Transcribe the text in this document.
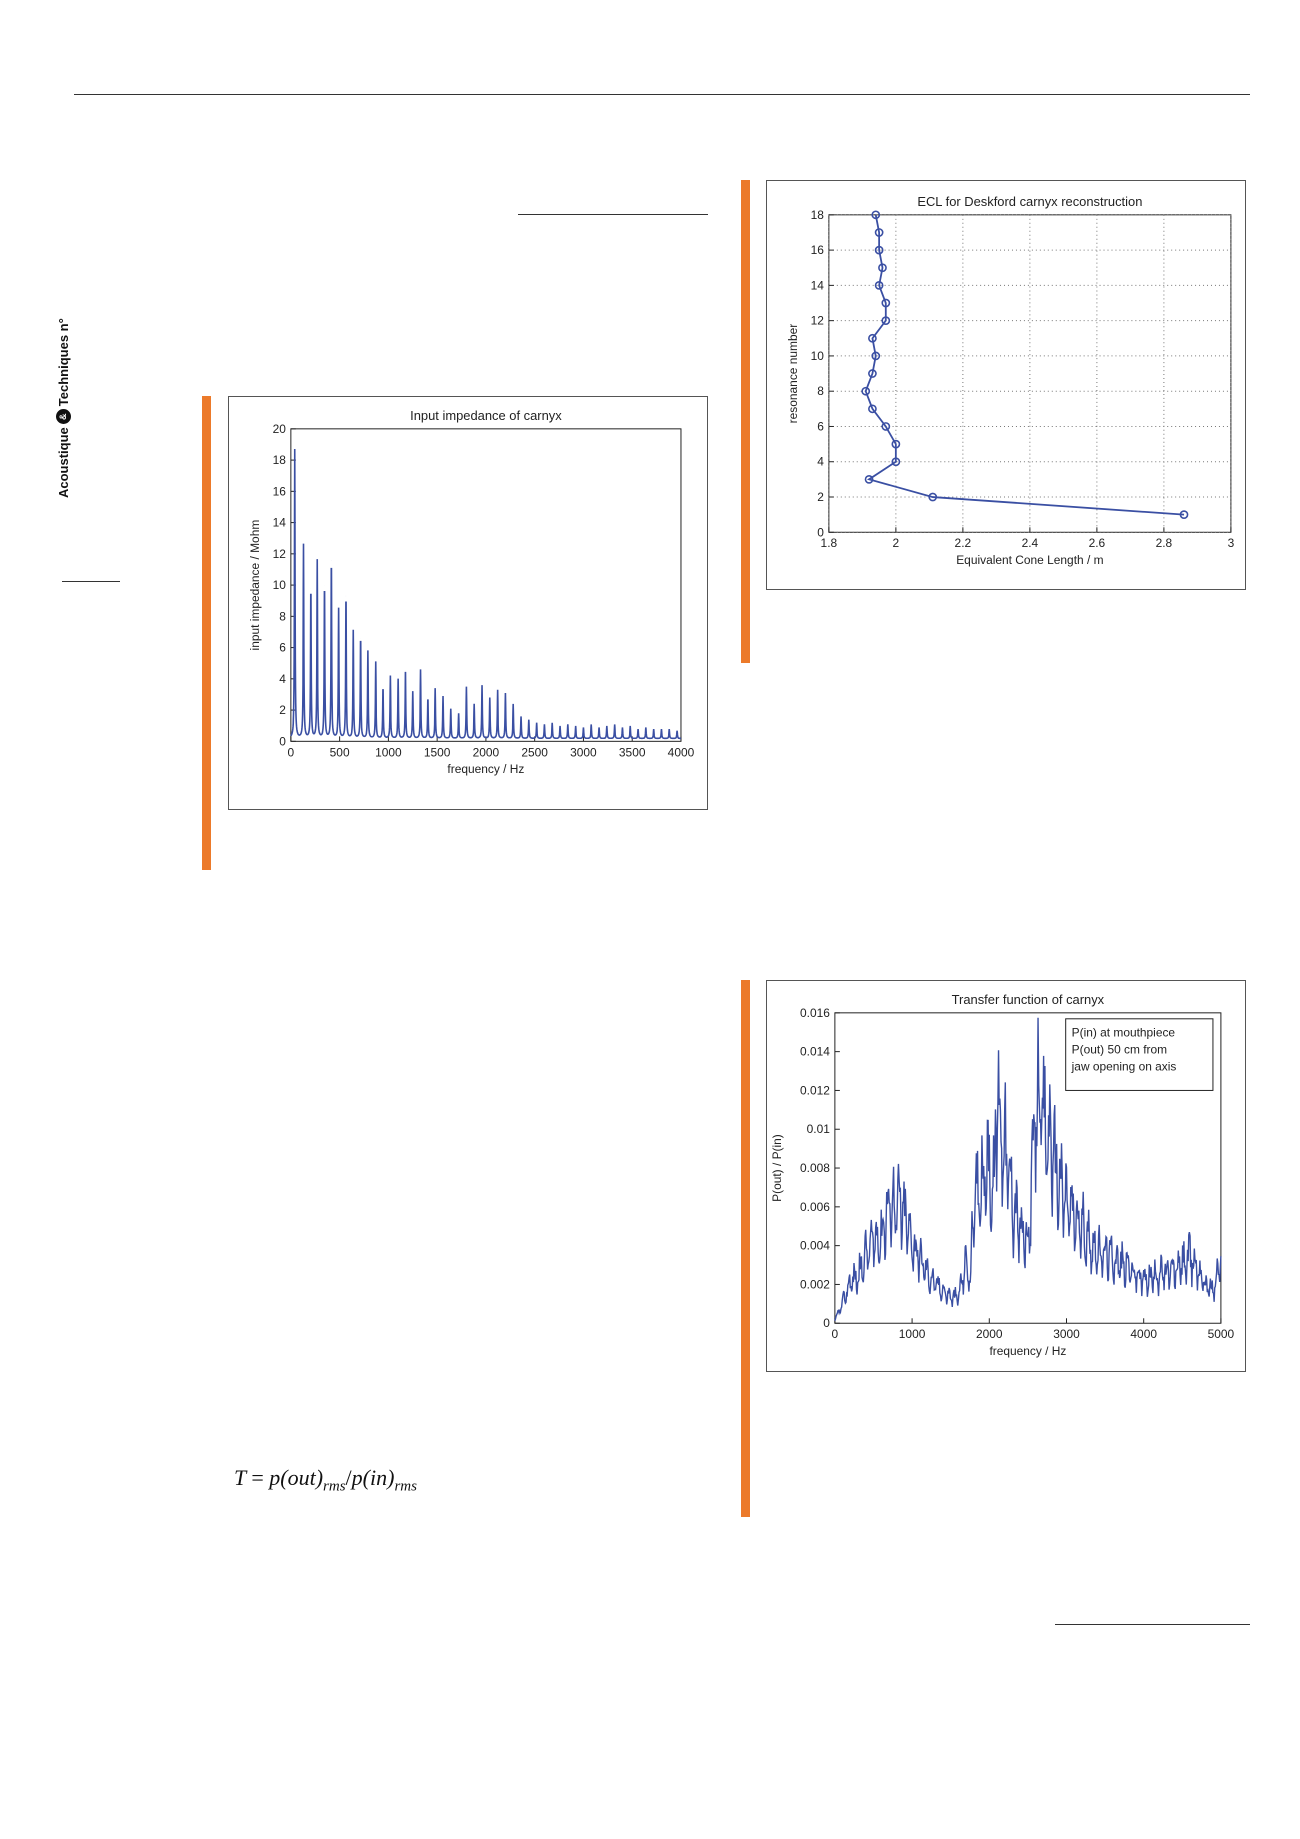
Acoustique
&
Techniques n°
Input impedance of carnyx
0	500 1000 1500 2000 2500 3000 3500 4000
0
2
4
6
8
10
12
14
16
18
20
frequency / Hz
input impedance / Mohm
ECL for Deskford carnyx reconstruction
1.8	2	2.2	2.4	2.6	2.8	3
0
2
4
6
8
10
12
14
16
18
Equivalent Cone Length / m
resonance number
Transfer function of carnyx
0	1000	2000	3000	4000	5000
0
0.002
0.004
0.006
0.008
0.01
0.012
0.014
0.016
frequency / Hz
P(out) / P(in)
P(in) at mouthpiece
P(out) 50 cm from
jaw opening on axis
$T = p(out)_{rms}/p(in)_{rms}$
